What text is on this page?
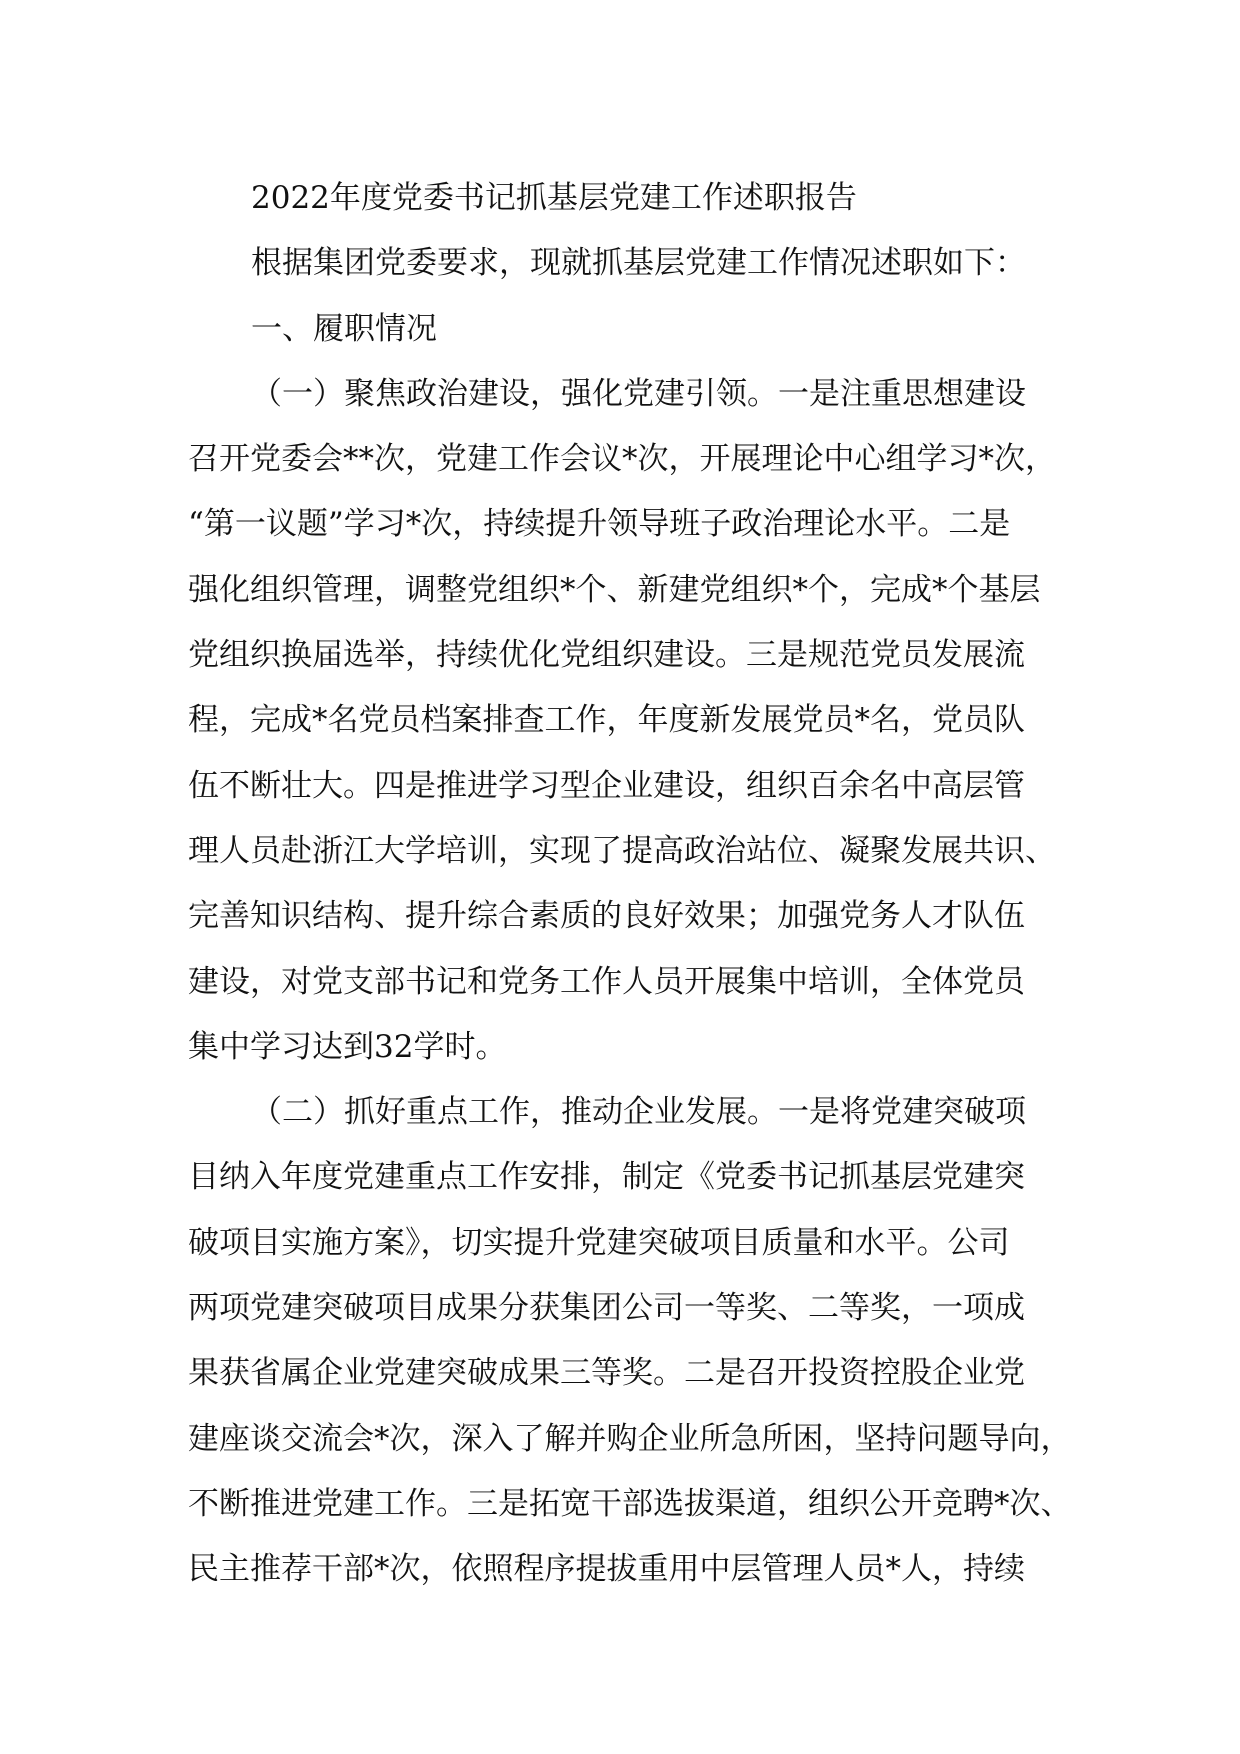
2022年度党委书记抓基层党建工作述职报告
根据集团党委要求，现就抓基层党建工作情况述职如下：
一、履职情况
（一）聚焦政治建设，强化党建引领。一是注重思想建设
召开党委会**次，党建工作会议*次，开展理论中心组学习*次，
“第一议题”学习*次，持续提升领导班子政治理论水平。二是
强化组织管理，调整党组织*个、新建党组织*个，完成*个基层
党组织换届选举，持续优化党组织建设。三是规范党员发展流
程，完成*名党员档案排查工作，年度新发展党员*名，党员队
伍不断壮大。四是推进学习型企业建设，组织百余名中高层管
理人员赴浙江大学培训，实现了提高政治站位、凝聚发展共识、
完善知识结构、提升综合素质的良好效果；加强党务人才队伍
建设，对党支部书记和党务工作人员开展集中培训，全体党员
集中学习达到32学时。
（二）抓好重点工作，推动企业发展。一是将党建突破项
目纳入年度党建重点工作安排，制定《党委书记抓基层党建突
破项目实施方案》，切实提升党建突破项目质量和水平。公司
两项党建突破项目成果分获集团公司一等奖、二等奖，一项成
果获省属企业党建突破成果三等奖。二是召开投资控股企业党
建座谈交流会*次，深入了解并购企业所急所困，坚持问题导向，
不断推进党建工作。三是拓宽干部选拔渠道，组织公开竞聘*次、
民主推荐干部*次，依照程序提拔重用中层管理人员*人，持续
